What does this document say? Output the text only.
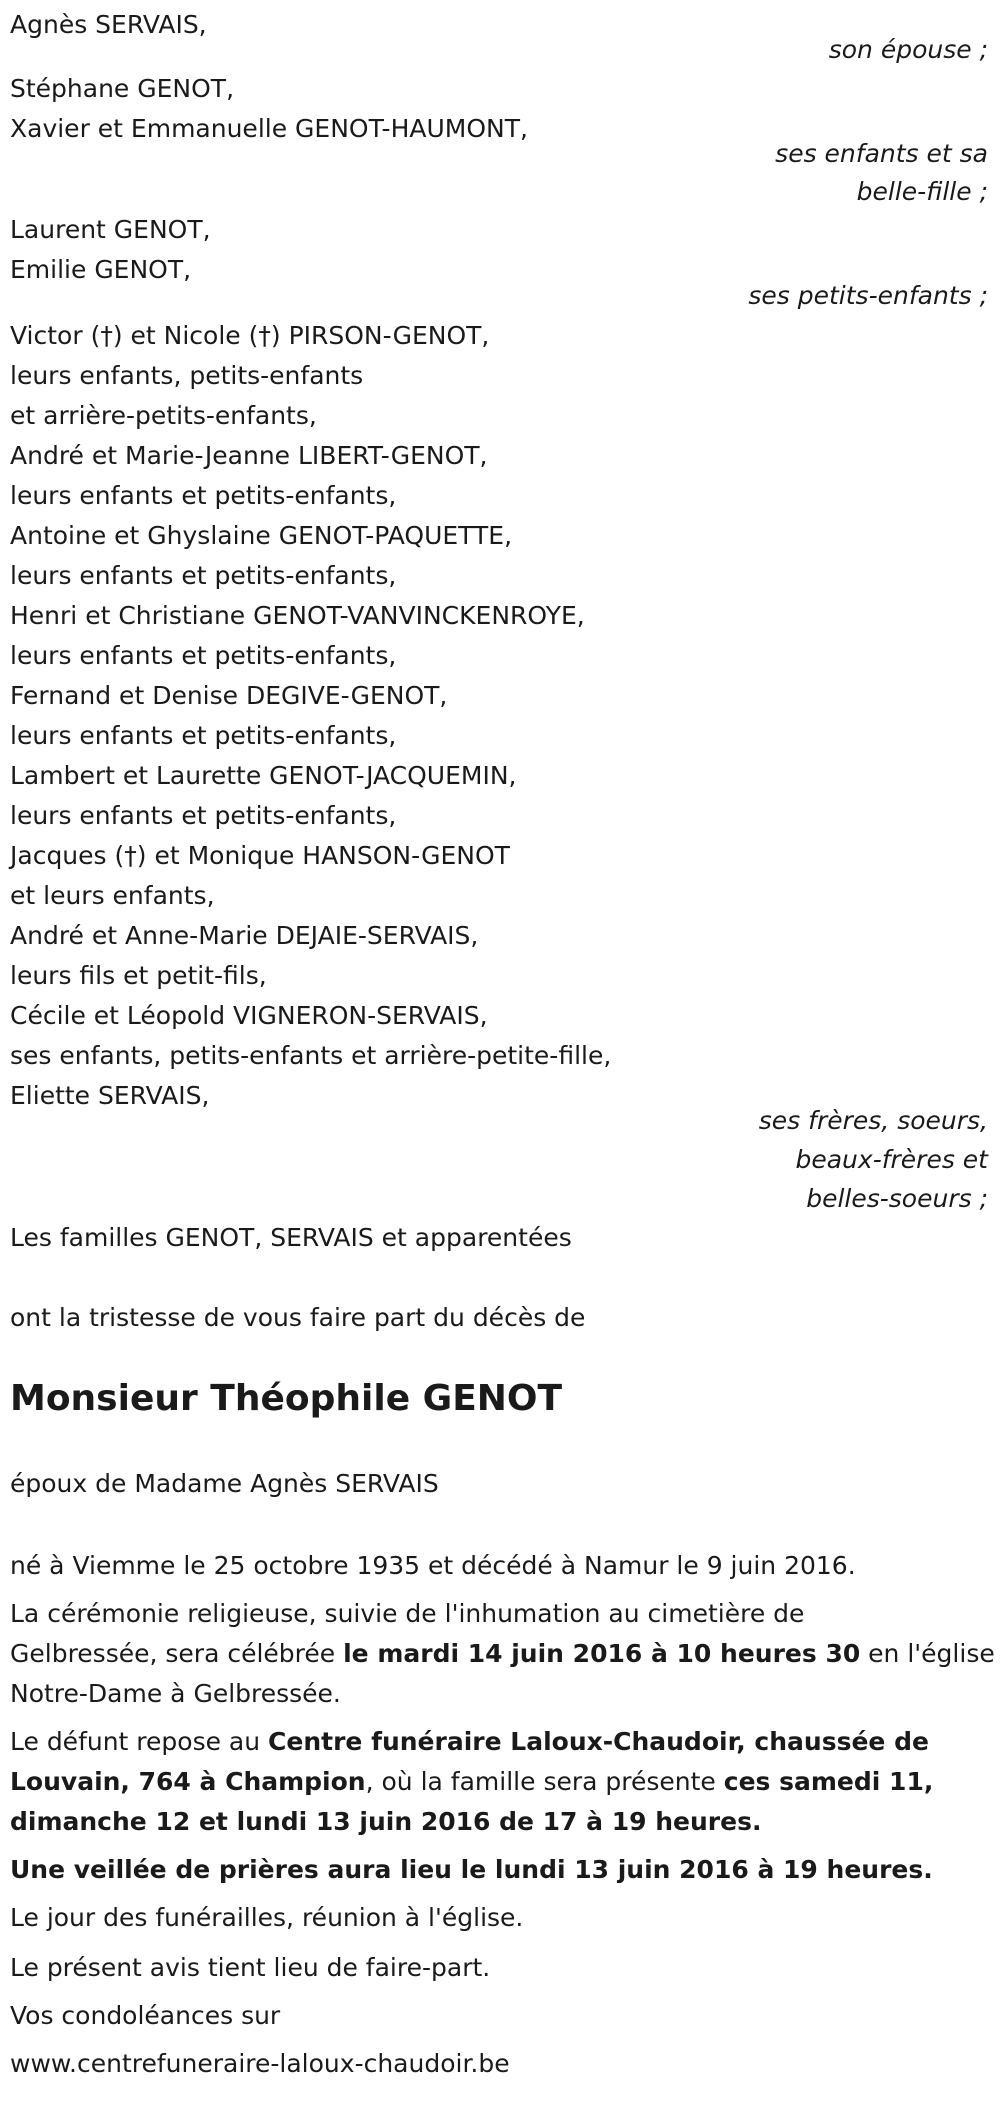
Agnès SERVAIS,

son épouse ;

Stéphane GENOT,

Xavier et Emmanuelle GENOT-HAUMONT,

ses enfants et sa

belle-fille ;

Laurent GENOT,

Emilie GENOT,

ses petits-enfants ;

Victor (†) et Nicole (†) PIRSON-GENOT,

leurs enfants, petits-enfants

et arrière-petits-enfants,

André et Marie-Jeanne LIBERT-GENOT,

leurs enfants et petits-enfants,

Antoine et Ghyslaine GENOT-PAQUETTE,

leurs enfants et petits-enfants,

Henri et Christiane GENOT-VANVINCKENROYE,

leurs enfants et petits-enfants,

Fernand et Denise DEGIVE-GENOT,

leurs enfants et petits-enfants,

Lambert et Laurette GENOT-JACQUEMIN,

leurs enfants et petits-enfants,

Jacques (†) et Monique HANSON-GENOT

et leurs enfants,

André et Anne-Marie DEJAIE-SERVAIS,

leurs fils et petit-fils,

Cécile et Léopold VIGNERON-SERVAIS,

ses enfants, petits-enfants et arrière-petite-fille,

Eliette SERVAIS,

ses frères, soeurs,

beaux-frères et

belles-soeurs ;

Les familles GENOT, SERVAIS et apparentées

ont la tristesse de vous faire part du décès de

Monsieur Théophile GENOT

époux de Madame Agnès SERVAIS

né à Viemme le 25 octobre 1935 et décédé à Namur le 9 juin 2016.

La cérémonie religieuse, suivie de l'inhumation au cimetière de

Gelbressée, sera célébrée le mardi 14 juin 2016 à 10 heures 30 en l'église

Notre-Dame à Gelbressée.

Le défunt repose au Centre funéraire Laloux-Chaudoir, chaussée de

Louvain, 764 à Champion, où la famille sera présente ces samedi 11,

dimanche 12 et lundi 13 juin 2016 de 17 à 19 heures.

Une veillée de prières aura lieu le lundi 13 juin 2016 à 19 heures.

Le jour des funérailles, réunion à l'église.

Le présent avis tient lieu de faire-part.

Vos condoléances sur

www.centrefuneraire-laloux-chaudoir.be
